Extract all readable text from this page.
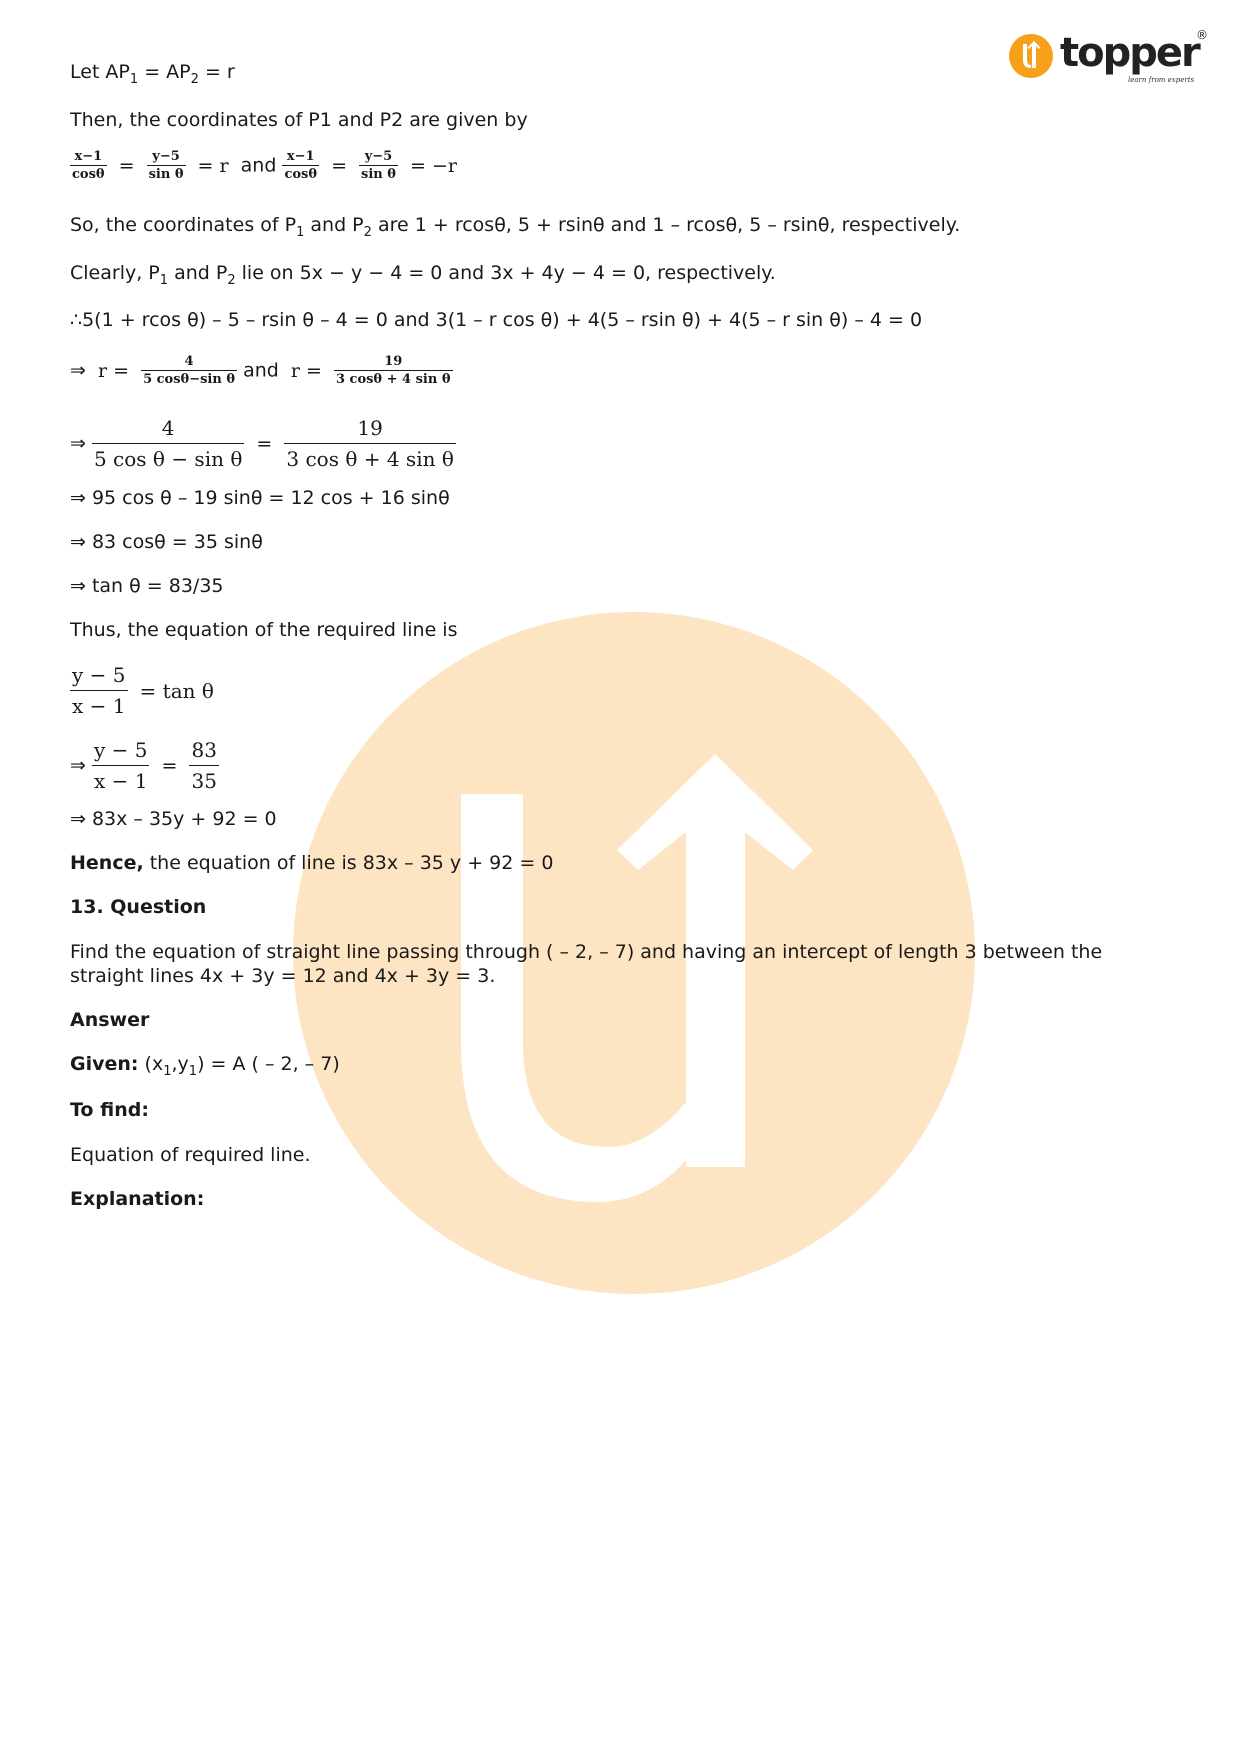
topper
®
learn from experts
Let $AP_1 = AP_2 = r$
Then, the coordinates of P1 and P2 are given by
$\frac{x-1}{\cos\theta} = \frac{y-5}{\text{sin θ}} = r$ and $\frac{x-1}{\cos\theta} = \frac{y-5}{\text{sin θ}} = -r$
So, the coordinates of $P_1$ and $P_2$ are 1 + rcosθ, 5 + rsinθ and 1 – rcosθ, 5 – rsinθ, respectively.
Clearly, $P_1$ and $P_2$ lie on 5x − y − 4 = 0 and 3x + 4y − 4 = 0, respectively.
∴5(1 + rcos θ) – 5 – rsin θ – 4 = 0 and 3(1 – r cos θ) + 4(5 – rsin θ) + 4(5 – r sin θ) – 4 = 0
⇒ $r = \frac{4}{\text{5 cosθ−sin θ}}$ and $r = \frac{19}{\text{3 cosθ + 4 sin θ}}$
⇒ $\frac{4}{\text{5 cos θ − sin θ}} = \frac{19}{\text{3 cos θ + 4 sin θ}}$
⇒ 95 cos θ – 19 sinθ = 12 cos + 16 sinθ
⇒ 83 cosθ = 35 sinθ
⇒ tan θ = 83/35
Thus, the equation of the required line is
$\frac{y - 5}{x - 1} = \tan \theta$
⇒ $\frac{y - 5}{x - 1} = \frac{83}{35}$
⇒ 83x – 35y + 92 = 0
Hence, the equation of line is 83x – 35 y + 92 = 0
13. Question
Find the equation of straight line passing through ( – 2, – 7) and having an intercept of length 3 between the straight lines 4x + 3y = 12 and 4x + 3y = 3.
Answer
Given: $(x_1,y_1) = A$ ( – 2, – 7)
To find:
Equation of required line.
Explanation:
